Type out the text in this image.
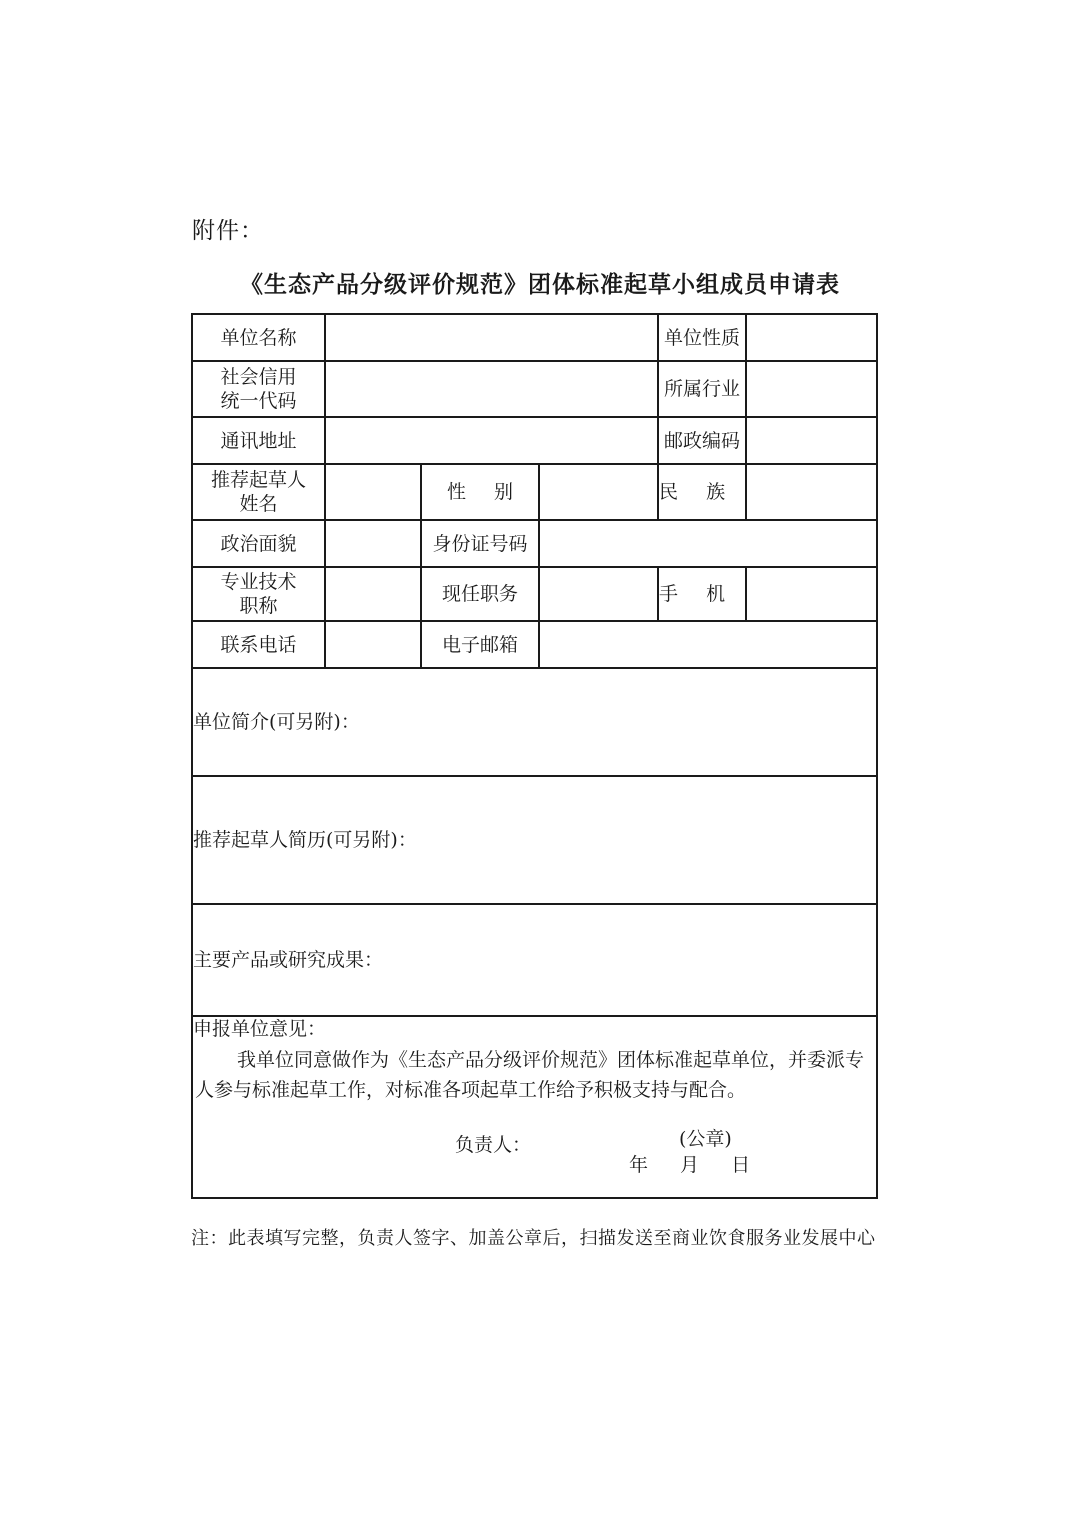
附件：
《生态产品分级评价规范》团体标准起草小组成员申请表
单位名称				单位性质	

社会信用
统一代码				所属行业	
通讯地址				邮政编码	

推荐起草人
姓名		性 别		民 族	
政治面貌		身份证号码			

专业技术
职称		现任职务		手 机	
联系电话		电子邮箱			
单位简介(可另附)：					
推荐起草人简历(可另附)：					
主要产品或研究成果：					

申报单位意见：
我单位同意做作为《生态产品分级评价规范》团体标准起草单位，并委派专人参与标准起草工作，对标准各项起草工作给予积极支持与配合。
负责人： (公章)
年 月 日					
注：此表填写完整，负责人签字、加盖公章后，扫描发送至商业饮食服务业发展中心
